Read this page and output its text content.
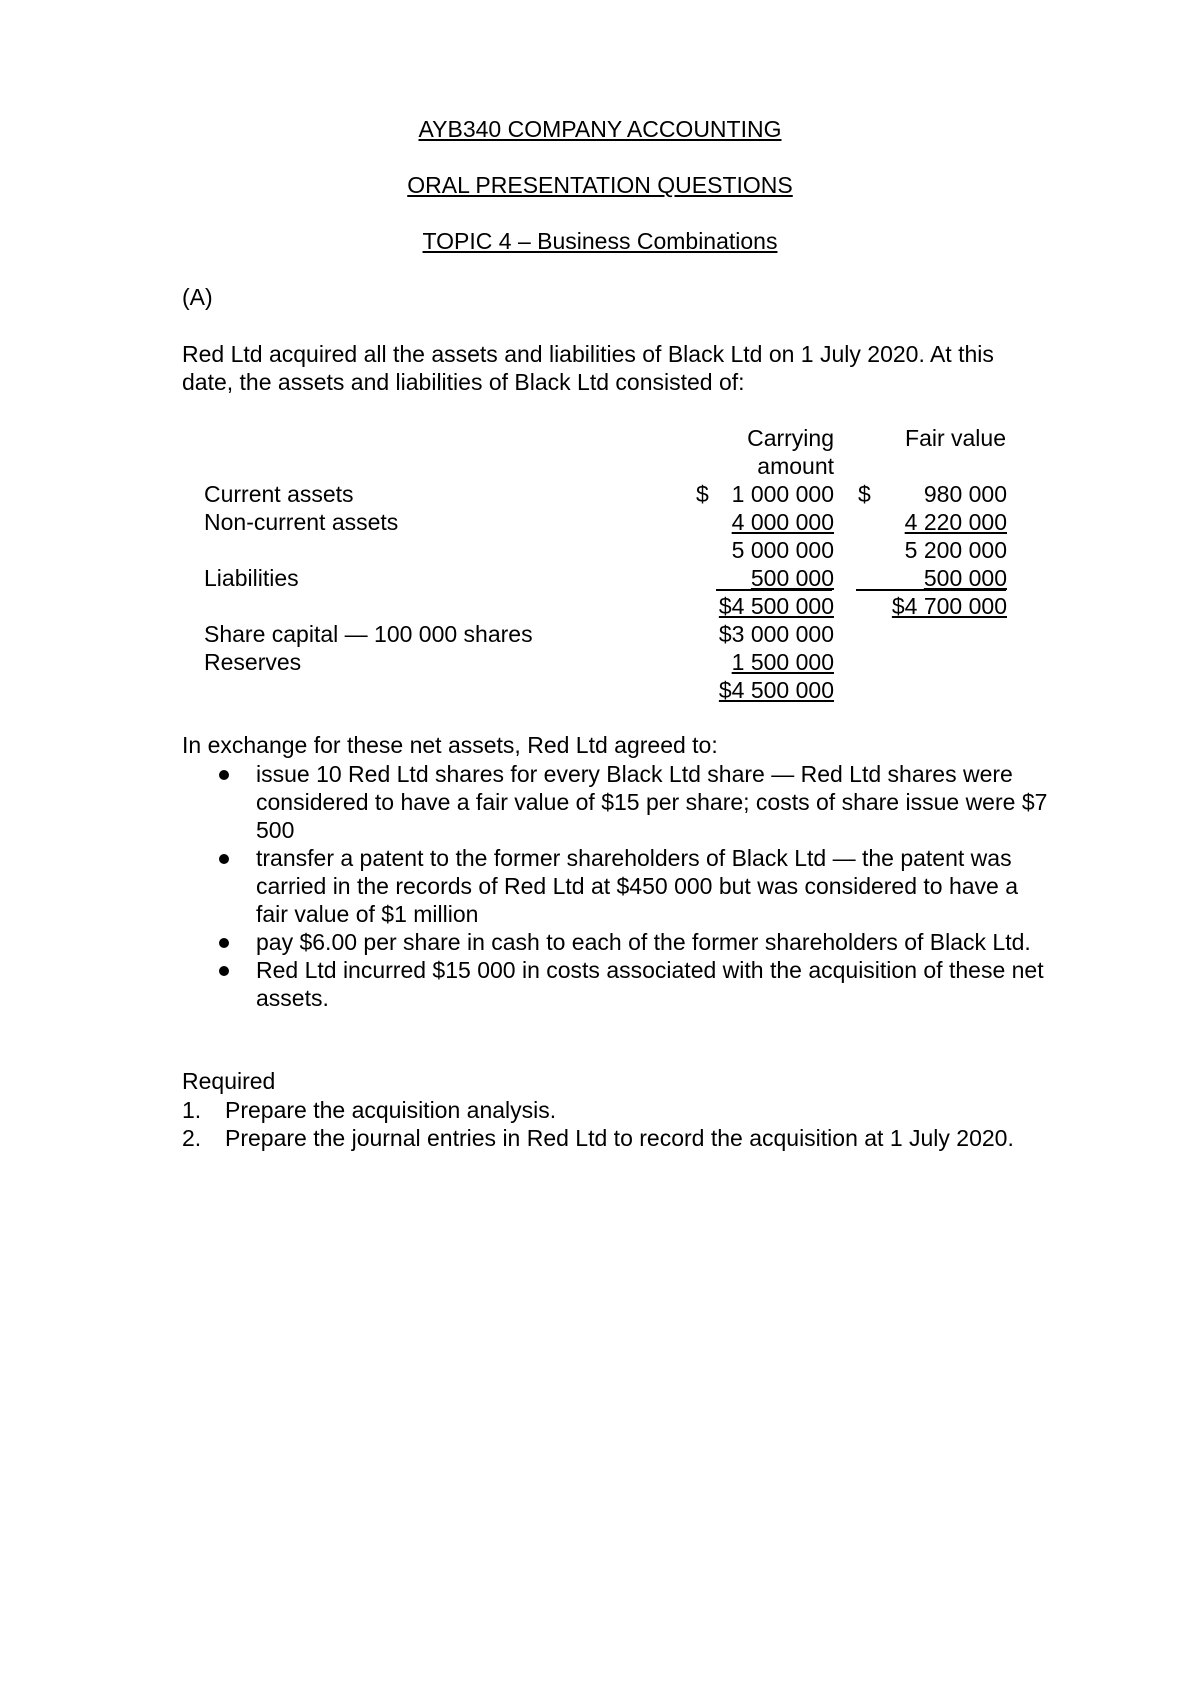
AYB340 COMPANY ACCOUNTING
ORAL PRESENTATION QUESTIONS
TOPIC 4 – Business Combinations
(A)
Red Ltd acquired all the assets and liabilities of Black Ltd on 1 July 2020. At this date, the assets and liabilities of Black Ltd consisted of:
Carrying
amount
Fair value
Current assets	$ 1 000 000 $ 980 000
Non-current assets	4 000 000	4 220 000
5 000 000	5 200 000
Liabilities	500 000	500 000
$4 500 000	$4 700 000
Share capital — 100 000 shares	$3 000 000
Reserves	1 500 000
$4 500 000
In exchange for these net assets, Red Ltd agreed to:
issue 10 Red Ltd shares for every Black Ltd share — Red Ltd shares were considered to have a fair value of $15 per share; costs of share issue were $7 500
transfer a patent to the former shareholders of Black Ltd — the patent was carried in the records of Red Ltd at $450 000 but was considered to have a fair value of $1 million
pay $6.00 per share in cash to each of the former shareholders of Black Ltd.
Red Ltd incurred $15 000 in costs associated with the acquisition of these net assets.
Required
1. Prepare the acquisition analysis.
2. Prepare the journal entries in Red Ltd to record the acquisition at 1 July 2020.
